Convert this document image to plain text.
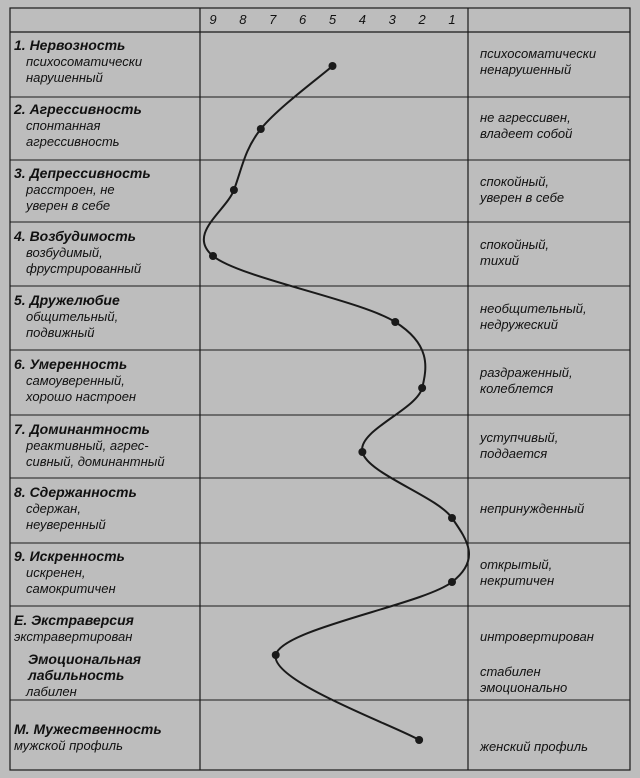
9 8 7 6 5 4 3 2 1
1. Нервозность
психосоматически
нарушенный
2. Агрессивность
спонтанная
агрессивность
3. Депрессивность
расстроен, не
уверен в себе
4. Возбудимость
возбудимый,
фрустрированный
5. Дружелюбие
общительный,
подвижный
6. Умеренность
самоуверенный,
хорошо настроен
7. Доминантность
реактивный, агрес-
сивный, доминантный
8. Сдержанность
сдержан,
неуверенный
9. Искренность
искренен,
самокритичен
E. Экстраверсия
экстравертирован
Эмоциональная
лабильность
лабилен
M. Мужественность
мужской профиль
психосоматически
ненарушенный
не агрессивен,
владеет собой
спокойный,
уверен в себе
спокойный,
тихий
необщительный,
недружеский
раздраженный,
колеблется
уступчивый,
поддается
непринужденный
открытый,
некритичен
интровертирован
стабилен
эмоционально
женский профиль
